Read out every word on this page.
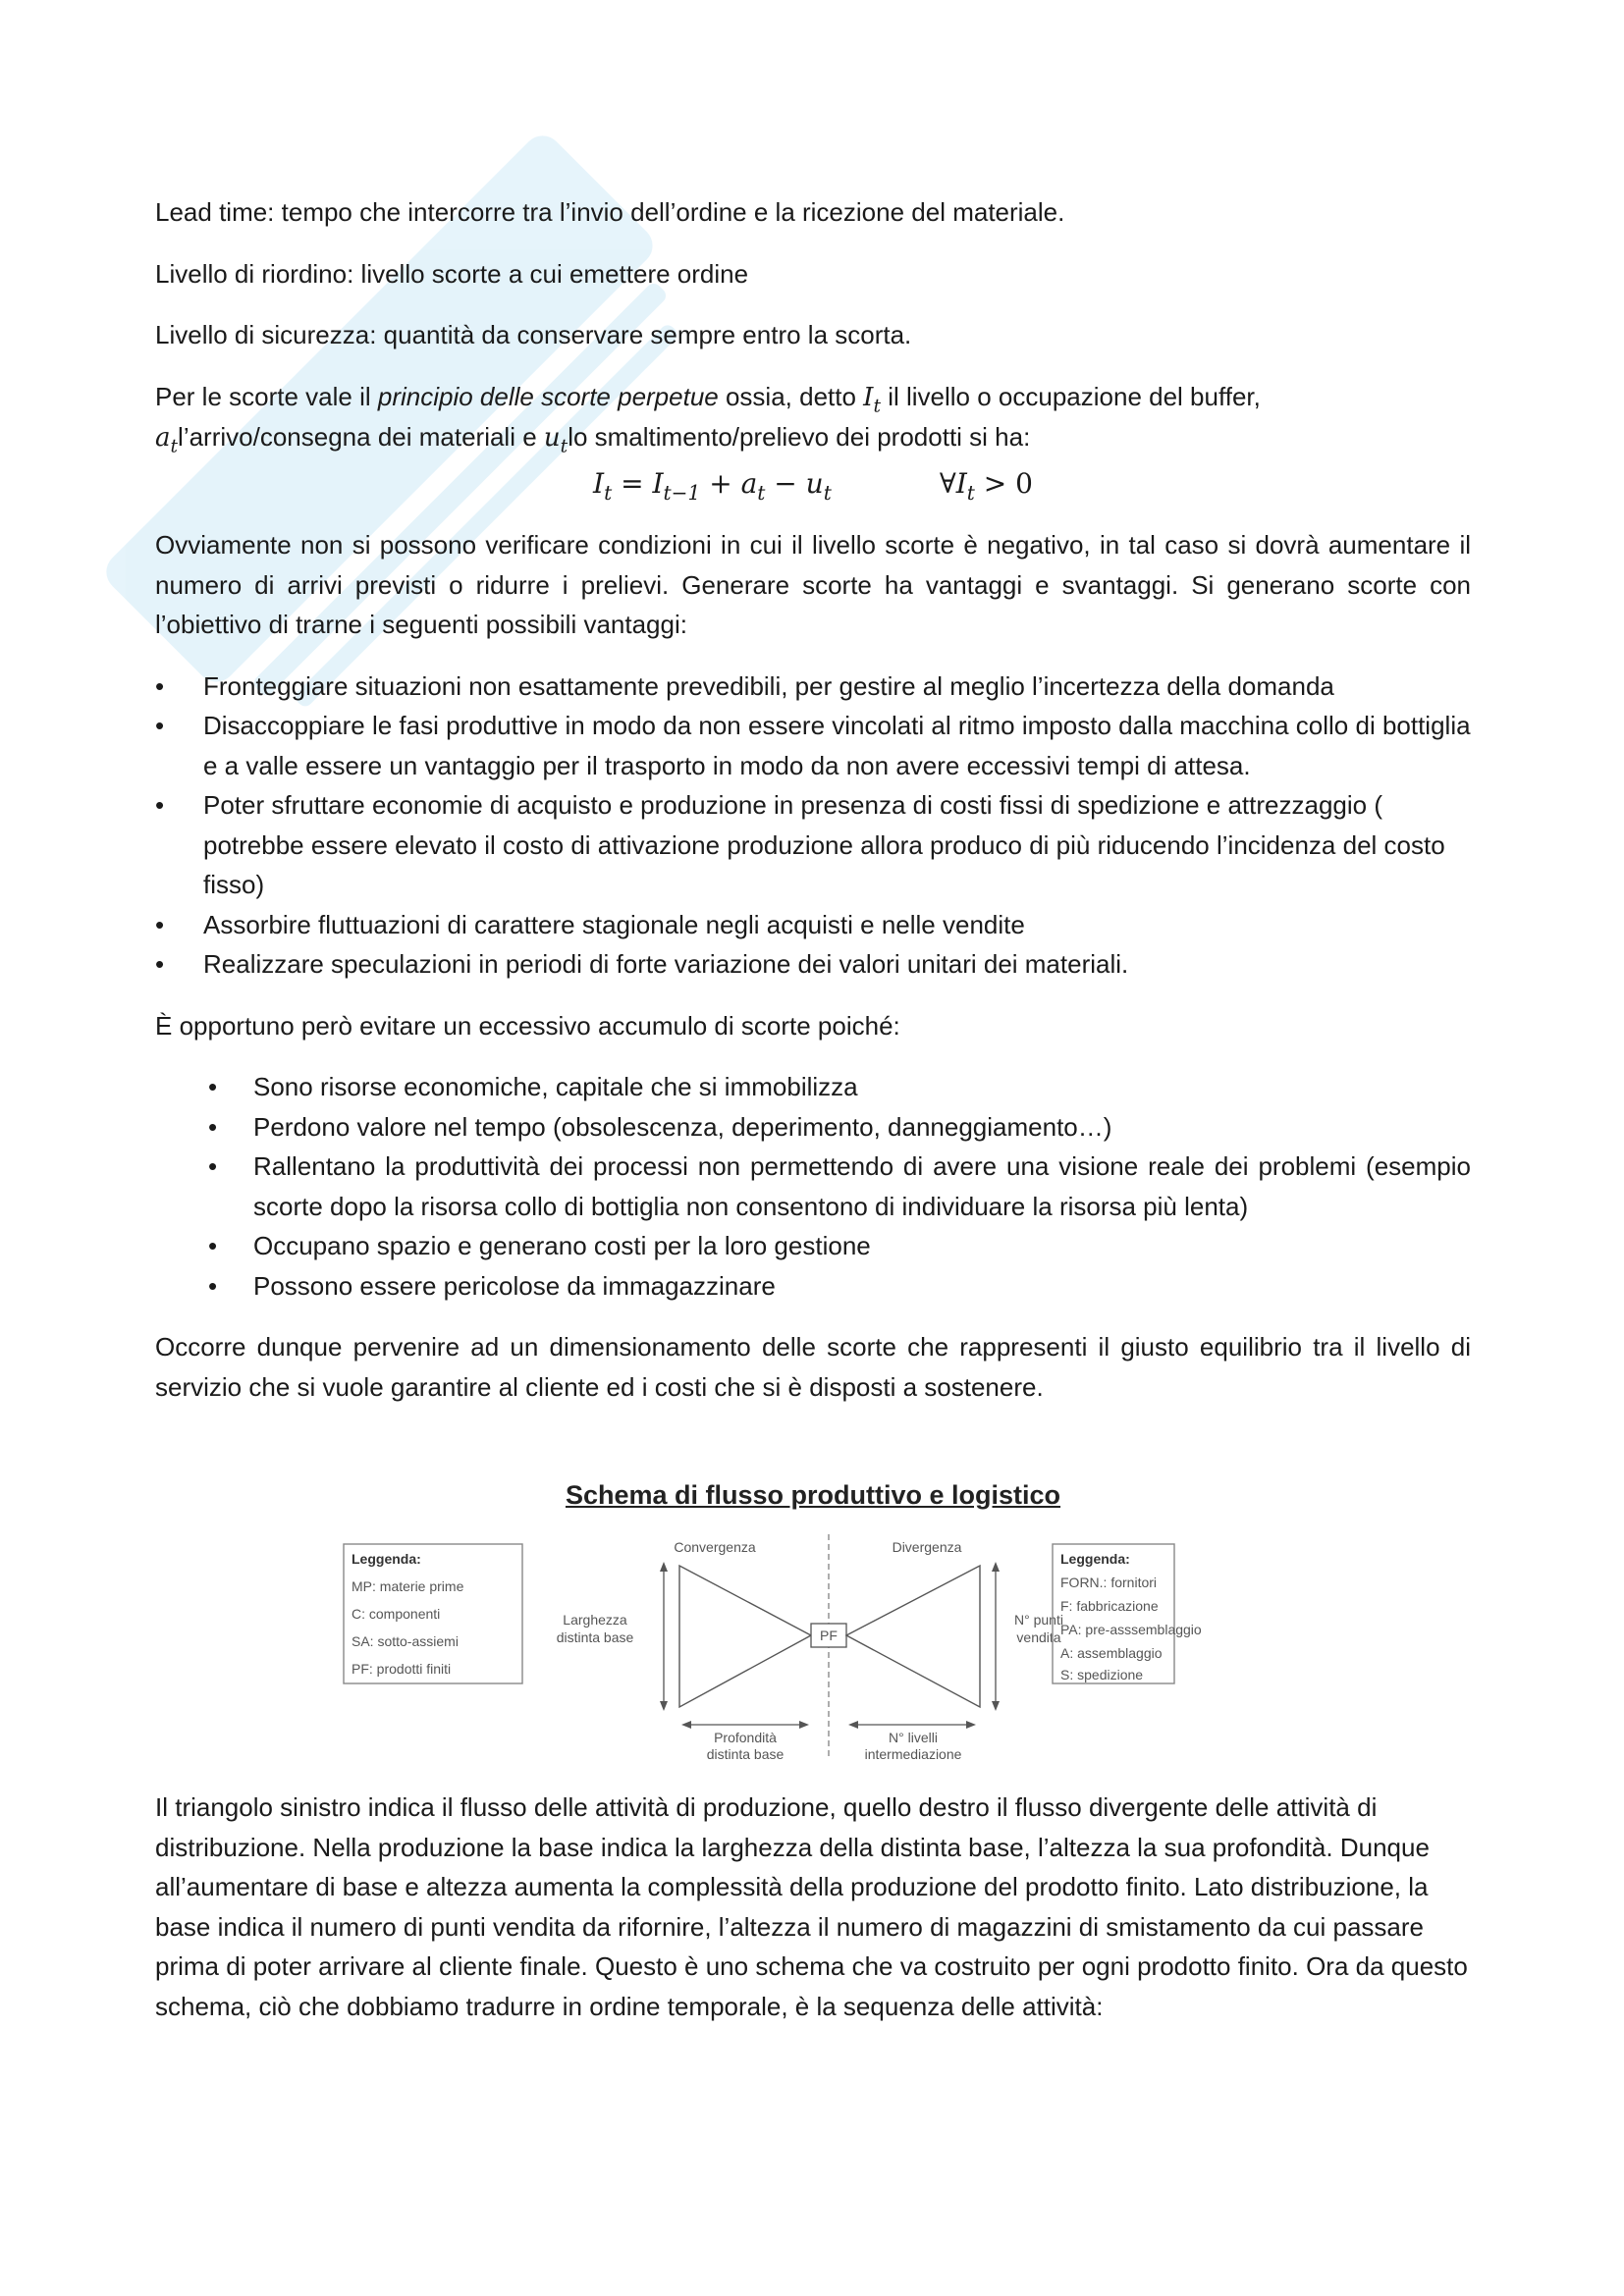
Lead time: tempo che intercorre tra l’invio dell’ordine e la ricezione del materiale.

Livello di riordino: livello scorte a cui emettere ordine

Livello di sicurezza: quantità da conservare sempre entro la scorta.

Per le scorte vale il principio delle scorte perpetue ossia, detto $I_t$ il livello o occupazione del buffer,
$a_tl’arrivo$/consegna dei materiali e $u_tlo$ smaltimento/prelievo dei prodotti si ha:

$I_t = I_{t-1} + a_t - u_t$	$\forall I_t > 0$

Ovviamente non si possono verificare condizioni in cui il livello scorte è negativo, in tal caso si dovrà aumentare il numero di arrivi previsti o ridurre i prelievi. Generare scorte ha vantaggi e svantaggi. Si generano scorte con l’obiettivo di trarne i seguenti possibili vantaggi:

• Fronteggiare situazioni non esattamente prevedibili, per gestire al meglio l’incertezza della domanda
• Disaccoppiare le fasi produttive in modo da non essere vincolati al ritmo imposto dalla macchina collo di bottiglia e a valle essere un vantaggio per il trasporto in modo da non avere eccessivi tempi di attesa.
• Poter sfruttare economie di acquisto e produzione in presenza di costi fissi di spedizione e attrezzaggio ( potrebbe essere elevato il costo di attivazione produzione allora produco di più riducendo l’incidenza del costo fisso)
• Assorbire fluttuazioni di carattere stagionale negli acquisti e nelle vendite
• Realizzare speculazioni in periodi di forte variazione dei valori unitari dei materiali.

È opportuno però evitare un eccessivo accumulo di scorte poiché:

• Sono risorse economiche, capitale che si immobilizza
• Perdono valore nel tempo (obsolescenza, deperimento, danneggiamento…)
• Rallentano la produttività dei processi non permettendo di avere una visione reale dei problemi (esempio scorte dopo la risorsa collo di bottiglia non consentono di individuare la risorsa più lenta)
• Occupano spazio e generano costi per la loro gestione
• Possono essere pericolose da immagazzinare

Occorre dunque pervenire ad un dimensionamento delle scorte che rappresenti il giusto equilibrio tra il livello di servizio che si vuole garantire al cliente ed i costi che si è disposti a sostenere.

Schema di flusso produttivo e logistico
Leggenda:
MP: materie prime
C: componenti
SA: sotto-assiemi
PF: prodotti finiti
Larghezza
distinta base
Convergenza
PF
Divergenza
N° punti
vendita
Profondità
distinta base
N° livelli
intermediazione
Leggenda:
FORN.: fornitori
F: fabbricazione
PA: pre-asssemblaggio
A: assemblaggio
S: spedizione

Il triangolo sinistro indica il flusso delle attività di produzione, quello destro il flusso divergente delle attività di distribuzione. Nella produzione la base indica la larghezza della distinta base, l’altezza la sua profondità. Dunque all’aumentare di base e altezza aumenta la complessità della produzione del prodotto finito. Lato distribuzione, la base indica il numero di punti vendita da rifornire, l’altezza il numero di magazzini di smistamento da cui passare prima di poter arrivare al cliente finale. Questo è uno schema che va costruito per ogni prodotto finito. Ora da questo schema, ciò che dobbiamo tradurre in ordine temporale, è la sequenza delle attività:
